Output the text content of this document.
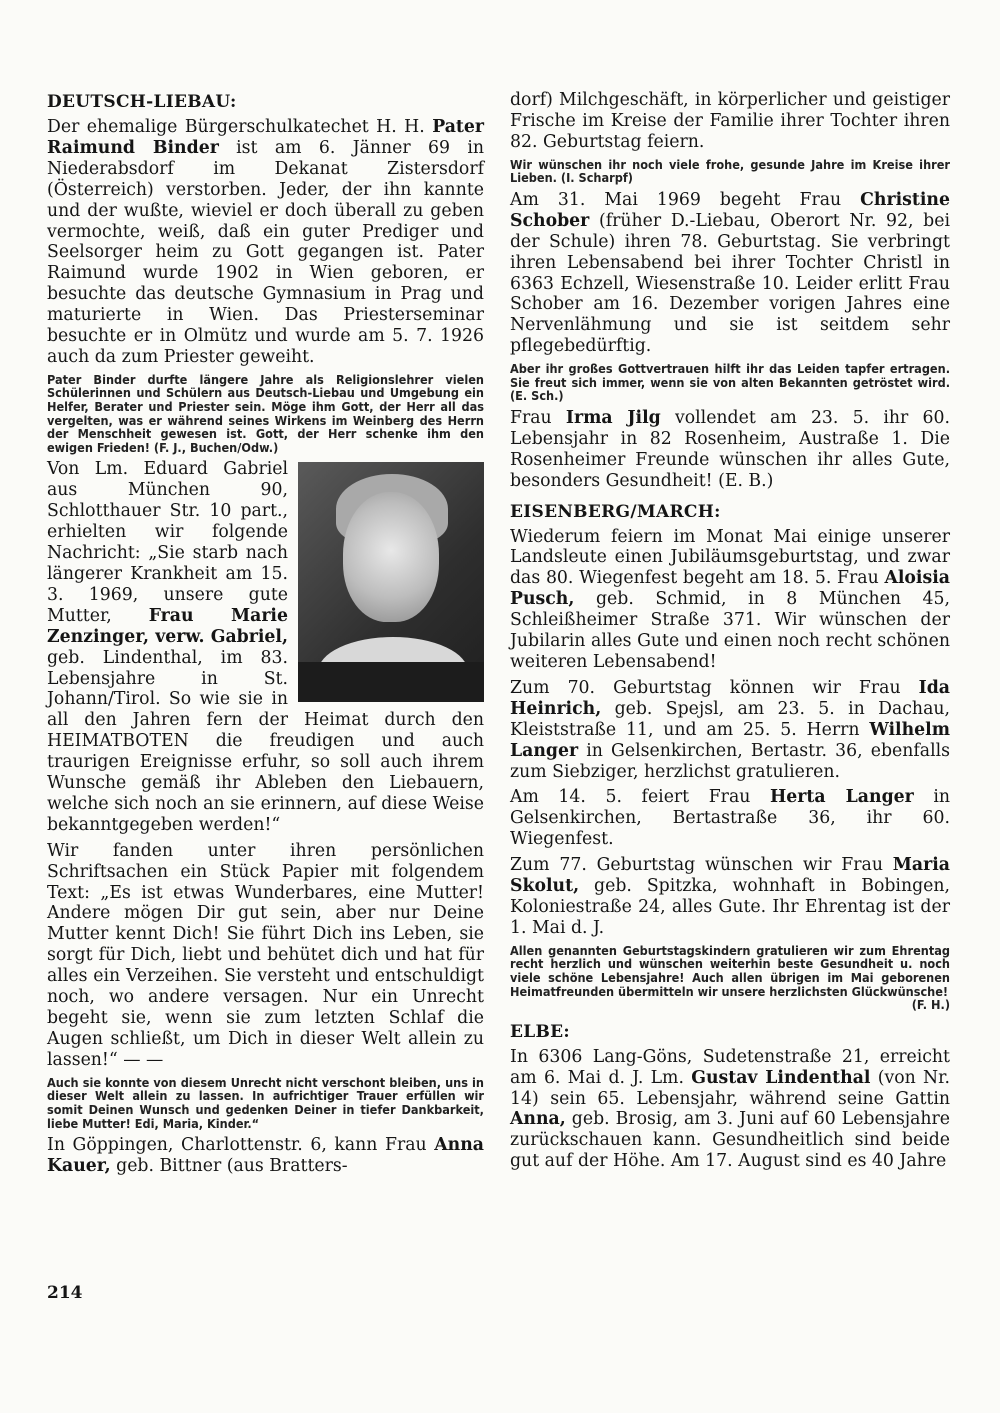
DEUTSCH-LIEBAU:

Der ehemalige Bürgerschulkatechet H. H. Pater Raimund Binder ist am 6. Jänner 69 in Niederabsdorf im Dekanat Zistersdorf (Österreich) verstorben. Jeder, der ihn kannte und der wußte, wieviel er doch überall zu geben vermochte, weiß, daß ein guter Prediger und Seelsorger heim zu Gott gegangen ist. Pater Raimund wurde 1902 in Wien geboren, er besuchte das deutsche Gymnasium in Prag und maturierte in Wien. Das Priesterseminar besuchte er in Olmütz und wurde am 5. 7. 1926 auch da zum Priester geweiht.

Pater Binder durfte längere Jahre als Religionslehrer vielen Schülerinnen und Schülern aus Deutsch-Liebau und Umgebung ein Helfer, Berater und Priester sein. Möge ihm Gott, der Herr all das vergelten, was er während seines Wirkens im Weinberg des Herrn der Menschheit gewesen ist. Gott, der Herr schenke ihm den ewigen Frieden! (F. J., Buchen/Odw.)

Von Lm. Eduard Gabriel aus München 90, Schlotthauer Str. 10 part., erhielten wir folgende Nachricht: „Sie starb nach längerer Krankheit am 15. 3. 1969, unsere gute Mutter, Frau Marie Zenzinger, verw. Gabriel, geb. Lindenthal, im 83. Lebensjahre in St. Johann/Tirol. So wie sie in all den Jahren fern der Heimat durch den HEIMATBOTEN die freudigen und auch traurigen Ereignisse erfuhr, so soll auch ihrem Wunsche gemäß ihr Ableben den Liebauern, welche sich noch an sie erinnern, auf diese Weise bekanntgegeben werden!“

Wir fanden unter ihren persönlichen Schriftsachen ein Stück Papier mit folgendem Text: „Es ist etwas Wunderbares, eine Mutter! Andere mögen Dir gut sein, aber nur Deine Mutter kennt Dich! Sie führt Dich ins Leben, sie sorgt für Dich, liebt und behütet dich und hat für alles ein Verzeihen. Sie versteht und entschuldigt noch, wo andere versagen. Nur ein Unrecht begeht sie, wenn sie zum letzten Schlaf die Augen schließt, um Dich in dieser Welt allein zu lassen!“ — —

Auch sie konnte von diesem Unrecht nicht verschont bleiben, uns in dieser Welt allein zu lassen. In aufrichtiger Trauer erfüllen wir somit Deinen Wunsch und gedenken Deiner in tiefer Dankbarkeit, liebe Mutter! Edi, Maria, Kinder.“

In Göppingen, Charlottenstr. 6, kann Frau Anna Kauer, geb. Bittner (aus Bratters-

dorf) Milchgeschäft, in körperlicher und geistiger Frische im Kreise der Familie ihrer Tochter ihren 82. Geburtstag feiern.

Wir wünschen ihr noch viele frohe, gesunde Jahre im Kreise ihrer Lieben. (I. Scharpf)

Am 31. Mai 1969 begeht Frau Christine Schober (früher D.-Liebau, Oberort Nr. 92, bei der Schule) ihren 78. Geburtstag. Sie verbringt ihren Lebensabend bei ihrer Tochter Christl in 6363 Echzell, Wiesenstraße 10. Leider erlitt Frau Schober am 16. Dezember vorigen Jahres eine Nervenlähmung und sie ist seitdem sehr pflegebedürftig.

Aber ihr großes Gottvertrauen hilft ihr das Leiden tapfer ertragen. Sie freut sich immer, wenn sie von alten Bekannten getröstet wird. (E. Sch.)

Frau Irma Jilg vollendet am 23. 5. ihr 60. Lebensjahr in 82 Rosenheim, Austraße 1. Die Rosenheimer Freunde wünschen ihr alles Gute, besonders Gesundheit! (E. B.)

EISENBERG/MARCH:

Wiederum feiern im Monat Mai einige unserer Landsleute einen Jubiläumsgeburtstag, und zwar das 80. Wiegenfest begeht am 18. 5. Frau Aloisia Pusch, geb. Schmid, in 8 München 45, Schleißheimer Straße 371. Wir wünschen der Jubilarin alles Gute und einen noch recht schönen weiteren Lebensabend!

Zum 70. Geburtstag können wir Frau Ida Heinrich, geb. Spejsl, am 23. 5. in Dachau, Kleiststraße 11, und am 25. 5. Herrn Wilhelm Langer in Gelsenkirchen, Bertastr. 36, ebenfalls zum Siebziger, herzlichst gratulieren.

Am 14. 5. feiert Frau Herta Langer in Gelsenkirchen, Bertastraße 36, ihr 60. Wiegenfest.

Zum 77. Geburtstag wünschen wir Frau Maria Skolut, geb. Spitzka, wohnhaft in Bobingen, Koloniestraße 24, alles Gute. Ihr Ehrentag ist der 1. Mai d. J.

Allen genannten Geburtstagskindern gratulieren wir zum Ehrentag recht herzlich und wünschen weiterhin beste Gesundheit u. noch viele schöne Lebensjahre! Auch allen übrigen im Mai geborenen Heimatfreunden übermitteln wir unsere herzlichsten Glückwünsche!
(F. H.)
ELBE:

In 6306 Lang-Göns, Sudetenstraße 21, erreicht am 6. Mai d. J. Lm. Gustav Lindenthal (von Nr. 14) sein 65. Lebensjahr, während seine Gattin Anna, geb. Brosig, am 3. Juni auf 60 Lebensjahre zurückschauen kann. Gesundheitlich sind beide gut auf der Höhe. Am 17. August sind es 40 Jahre

214
